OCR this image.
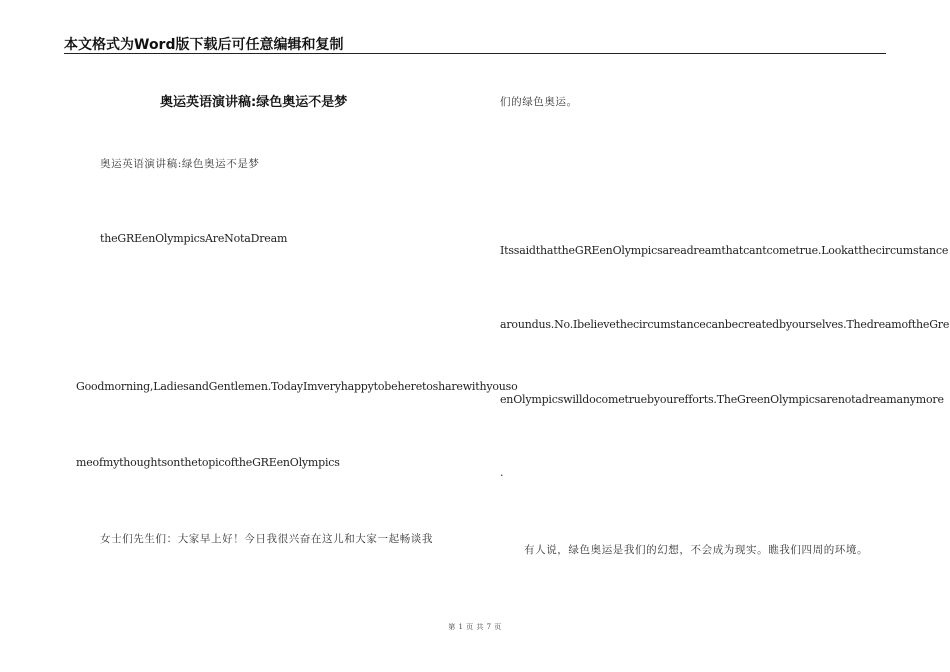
本文格式为Word版下载后可任意编辑和复制
奥运英语演讲稿:绿色奥运不是梦
奥运英语演讲稿:绿色奥运不是梦
theGREenOlympicsAreNotaDream
Goodmorning,LadiesandGentlemen.TodayImveryhappytobeheretosharewithyouso
meofmythoughtsonthetopicoftheGREenOlympics
女士们先生们：大家早上好！今日我很兴奋在这儿和大家一起畅谈我
们的绿色奥运。
ItssaidthattheGREenOlympicsareadreamthatcantcometrue.Lookatthecircumstance
aroundus.No.Ibelievethecircumstancecanbecreatedbyourselves.ThedreamoftheGre
enOlympicswilldocometruebyourefforts.TheGreenOlympicsarenotadreamanymore
.
有人说，绿色奥运是我们的幻想，不会成为现实。瞧我们四周的环境。
第 1 页 共 7 页
